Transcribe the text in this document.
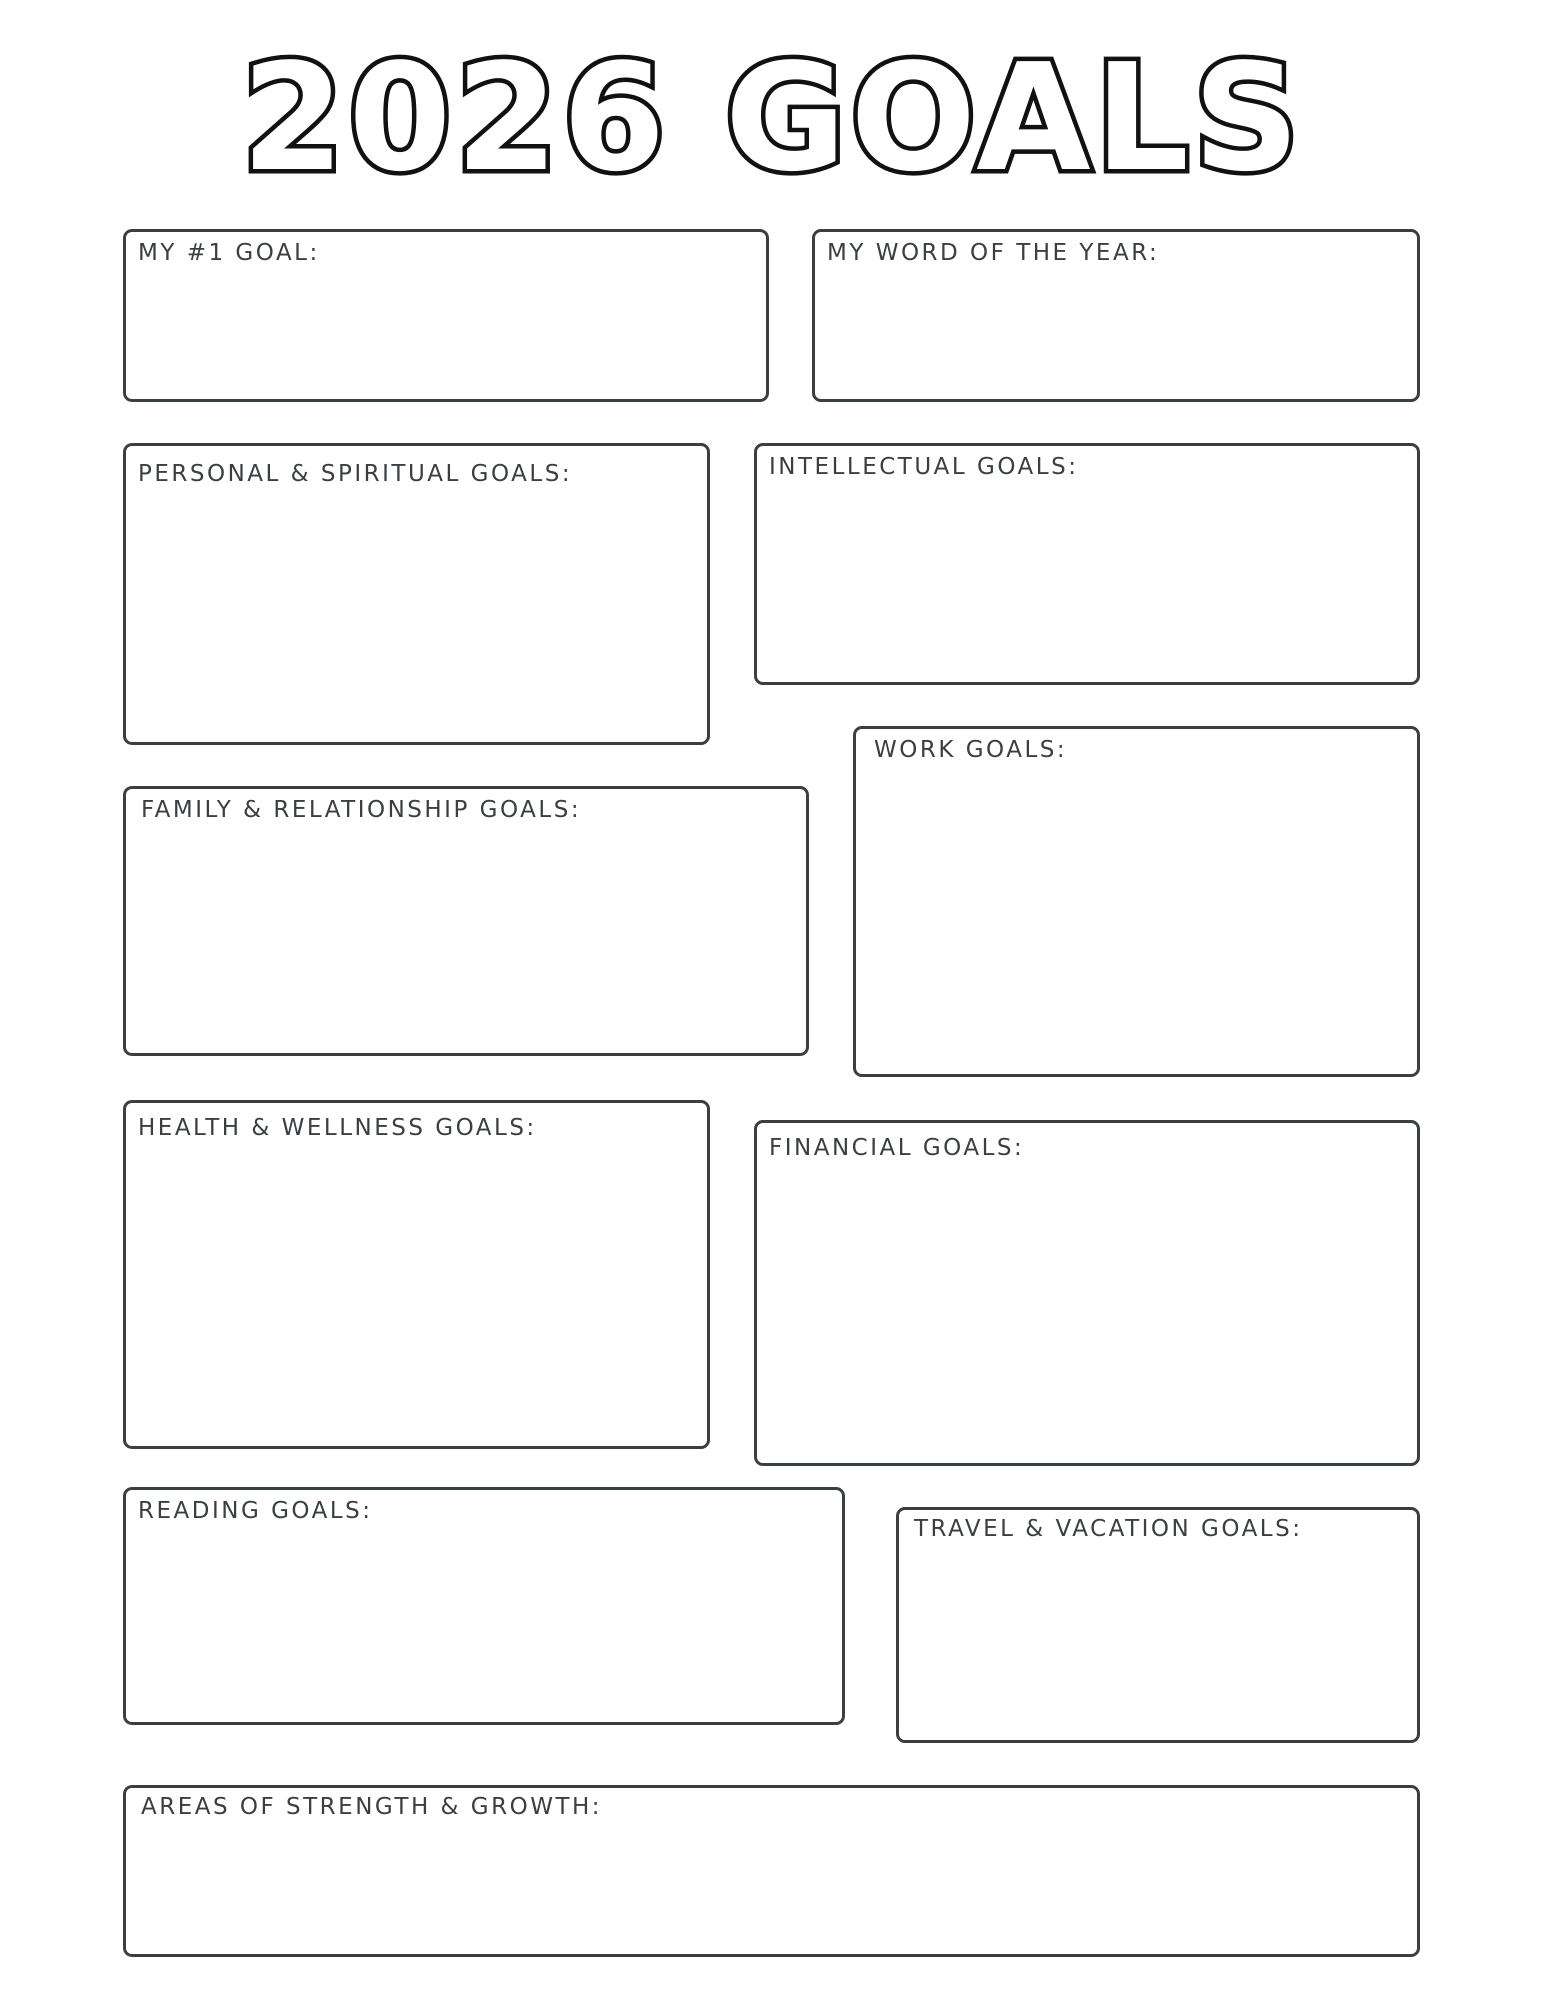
2026 GOALS
MY #1 GOAL:	MY WORD OF THE YEAR:
PERSONAL & SPIRITUAL GOALS:	INTELLECTUAL GOALS:
WORK GOALS:
FAMILY & RELATIONSHIP GOALS:
HEALTH & WELLNESS GOALS:
FINANCIAL GOALS:
READING GOALS:
TRAVEL & VACATION GOALS:
AREAS OF STRENGTH & GROWTH:
